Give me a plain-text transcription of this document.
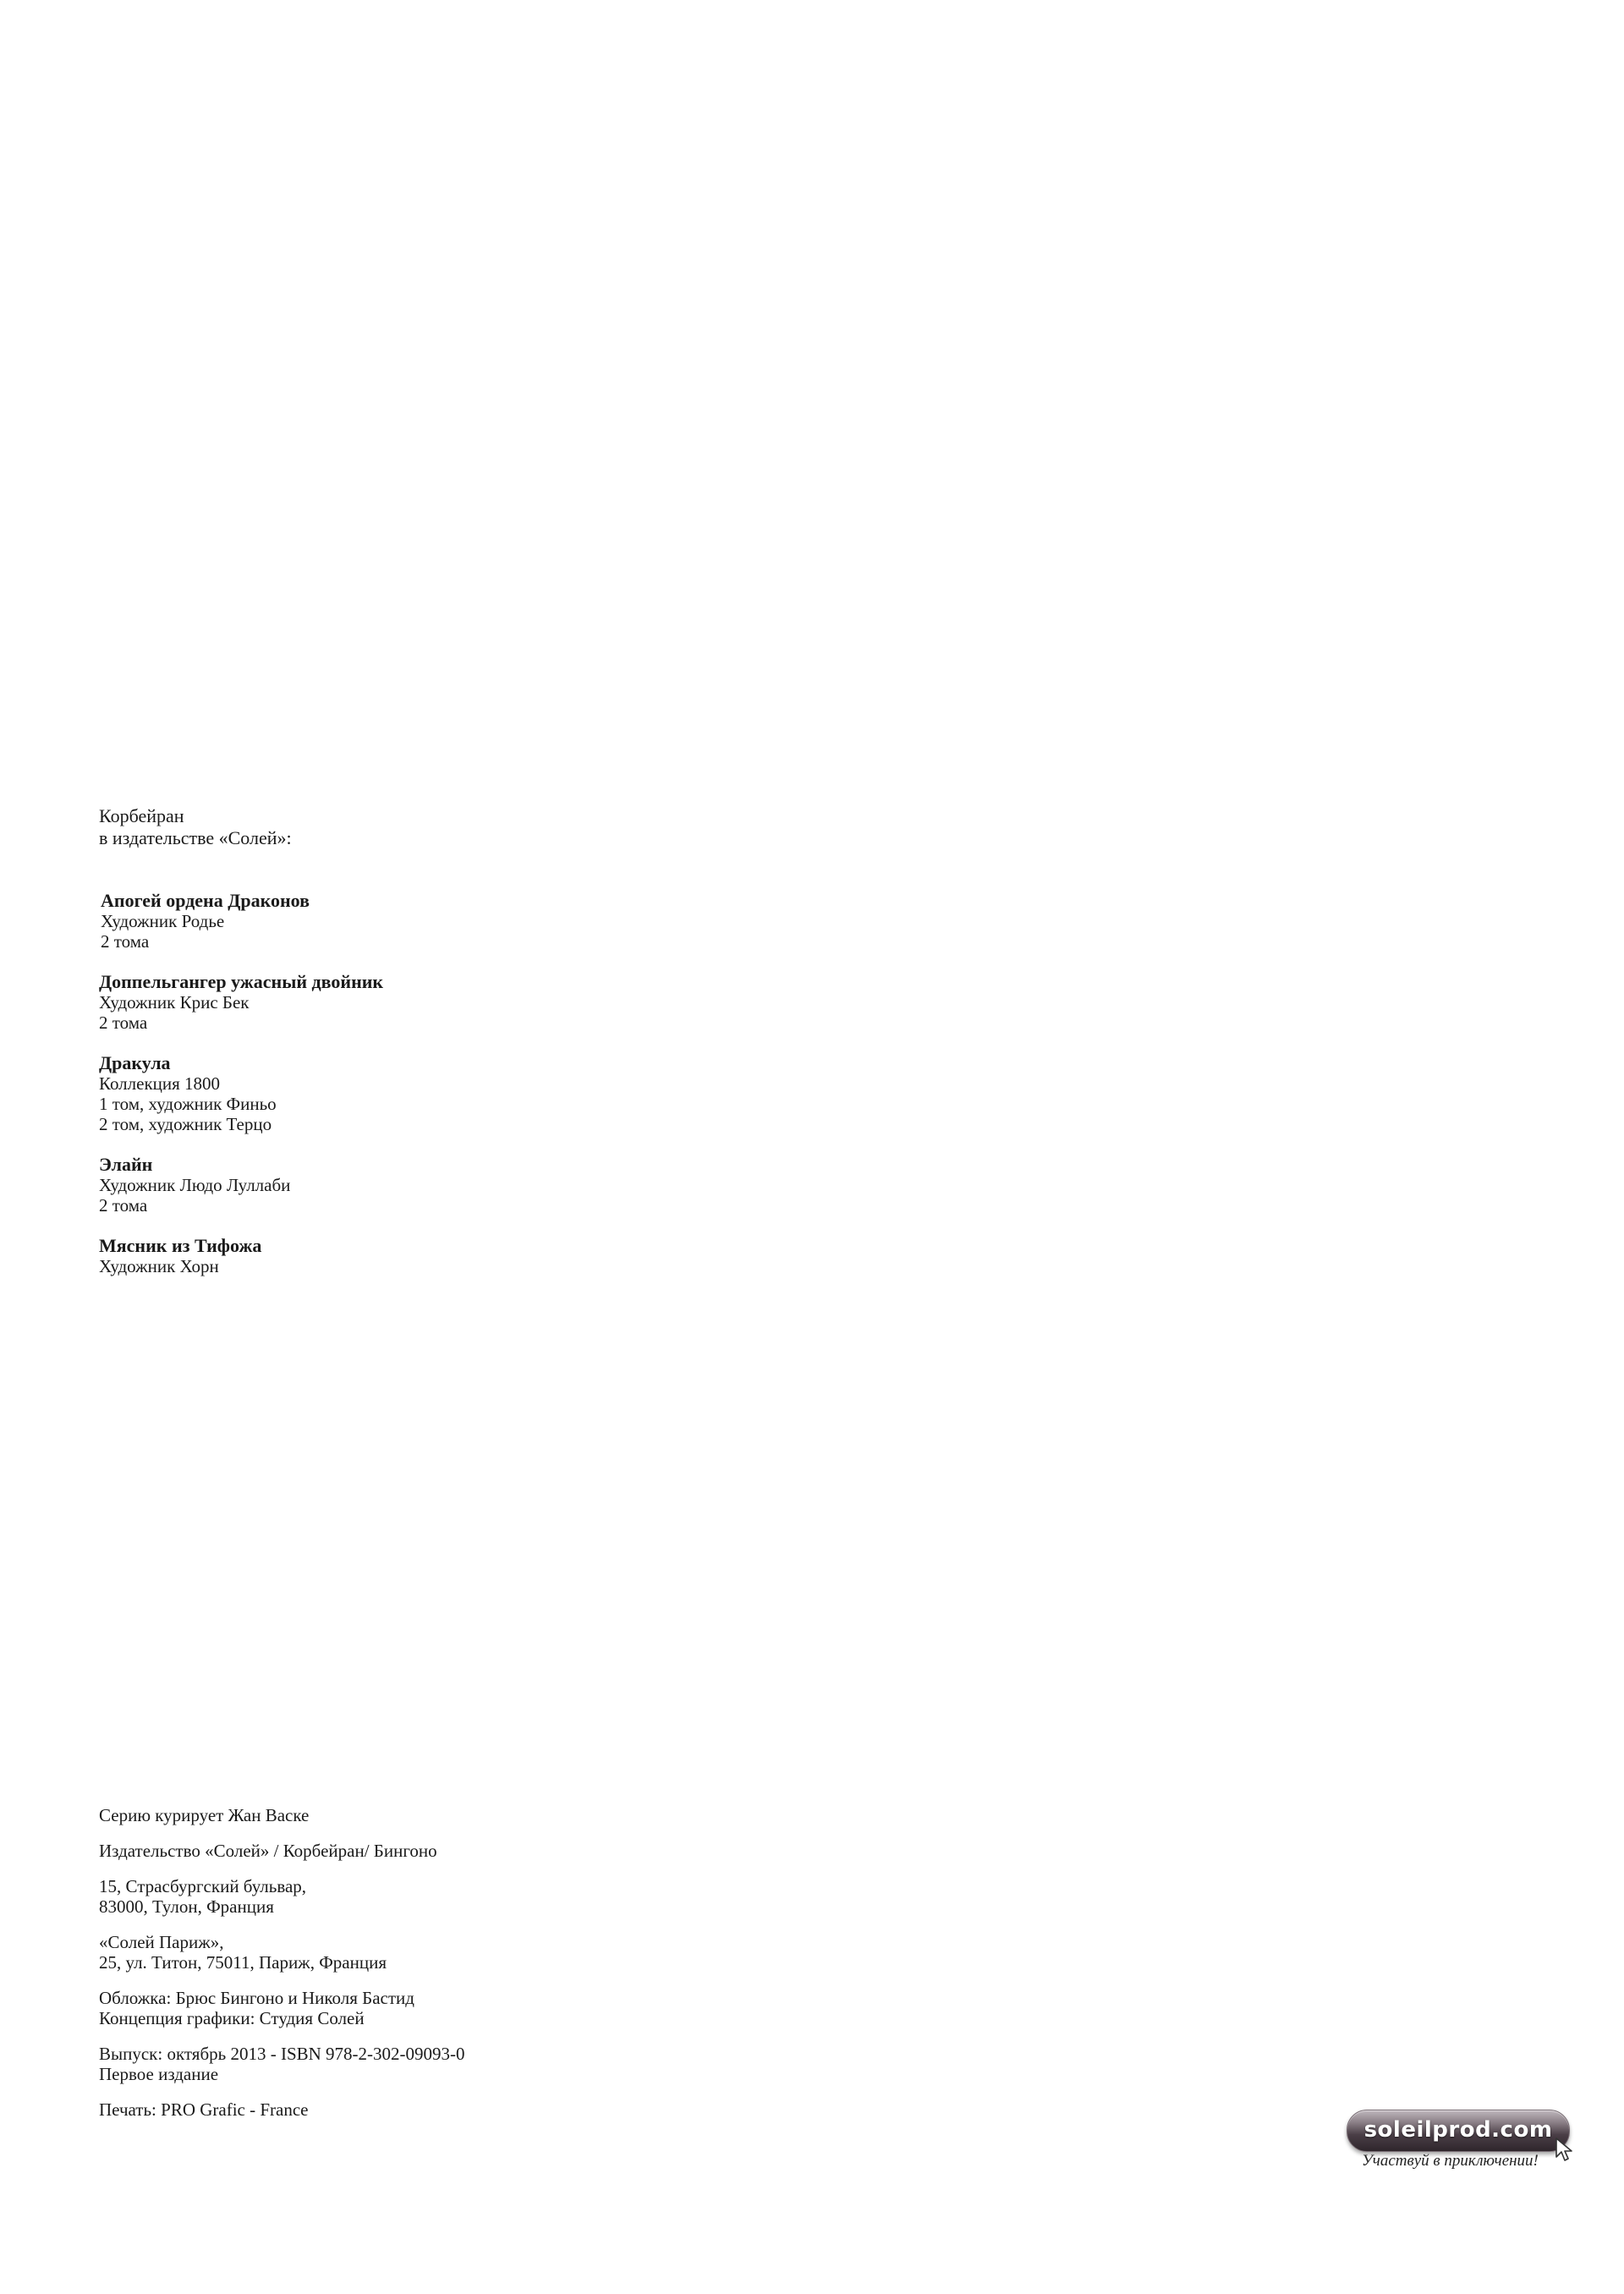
Корбейран
в издательстве «Солей»:
Апогей ордена Драконов
Художник Родье
2 тома
Доппельгангер ужасный двойник
Художник Крис Бек
2 тома
Дракула
Коллекция 1800
1 том, художник Финьо
2 том, художник Терцо
Элайн
Художник Людо Луллаби
2 тома
Мясник из Тифожа
Художник Хорн
Серию курирует Жан Васке
Издательство «Солей» / Корбейран/ Бингоно
15, Страсбургский бульвар,
83000, Тулон, Франция
«Солей Париж»,
25, ул. Титон, 75011, Париж, Франция
Обложка: Брюс Бингоно и Николя Бастид
Концепция графики: Студия Солей
Выпуск: октябрь 2013 - ISBN 978-2-302-09093-0
Первое издание
Печать: PRO Grafic - France
soleilprod.com
Участвуй в приключении!
